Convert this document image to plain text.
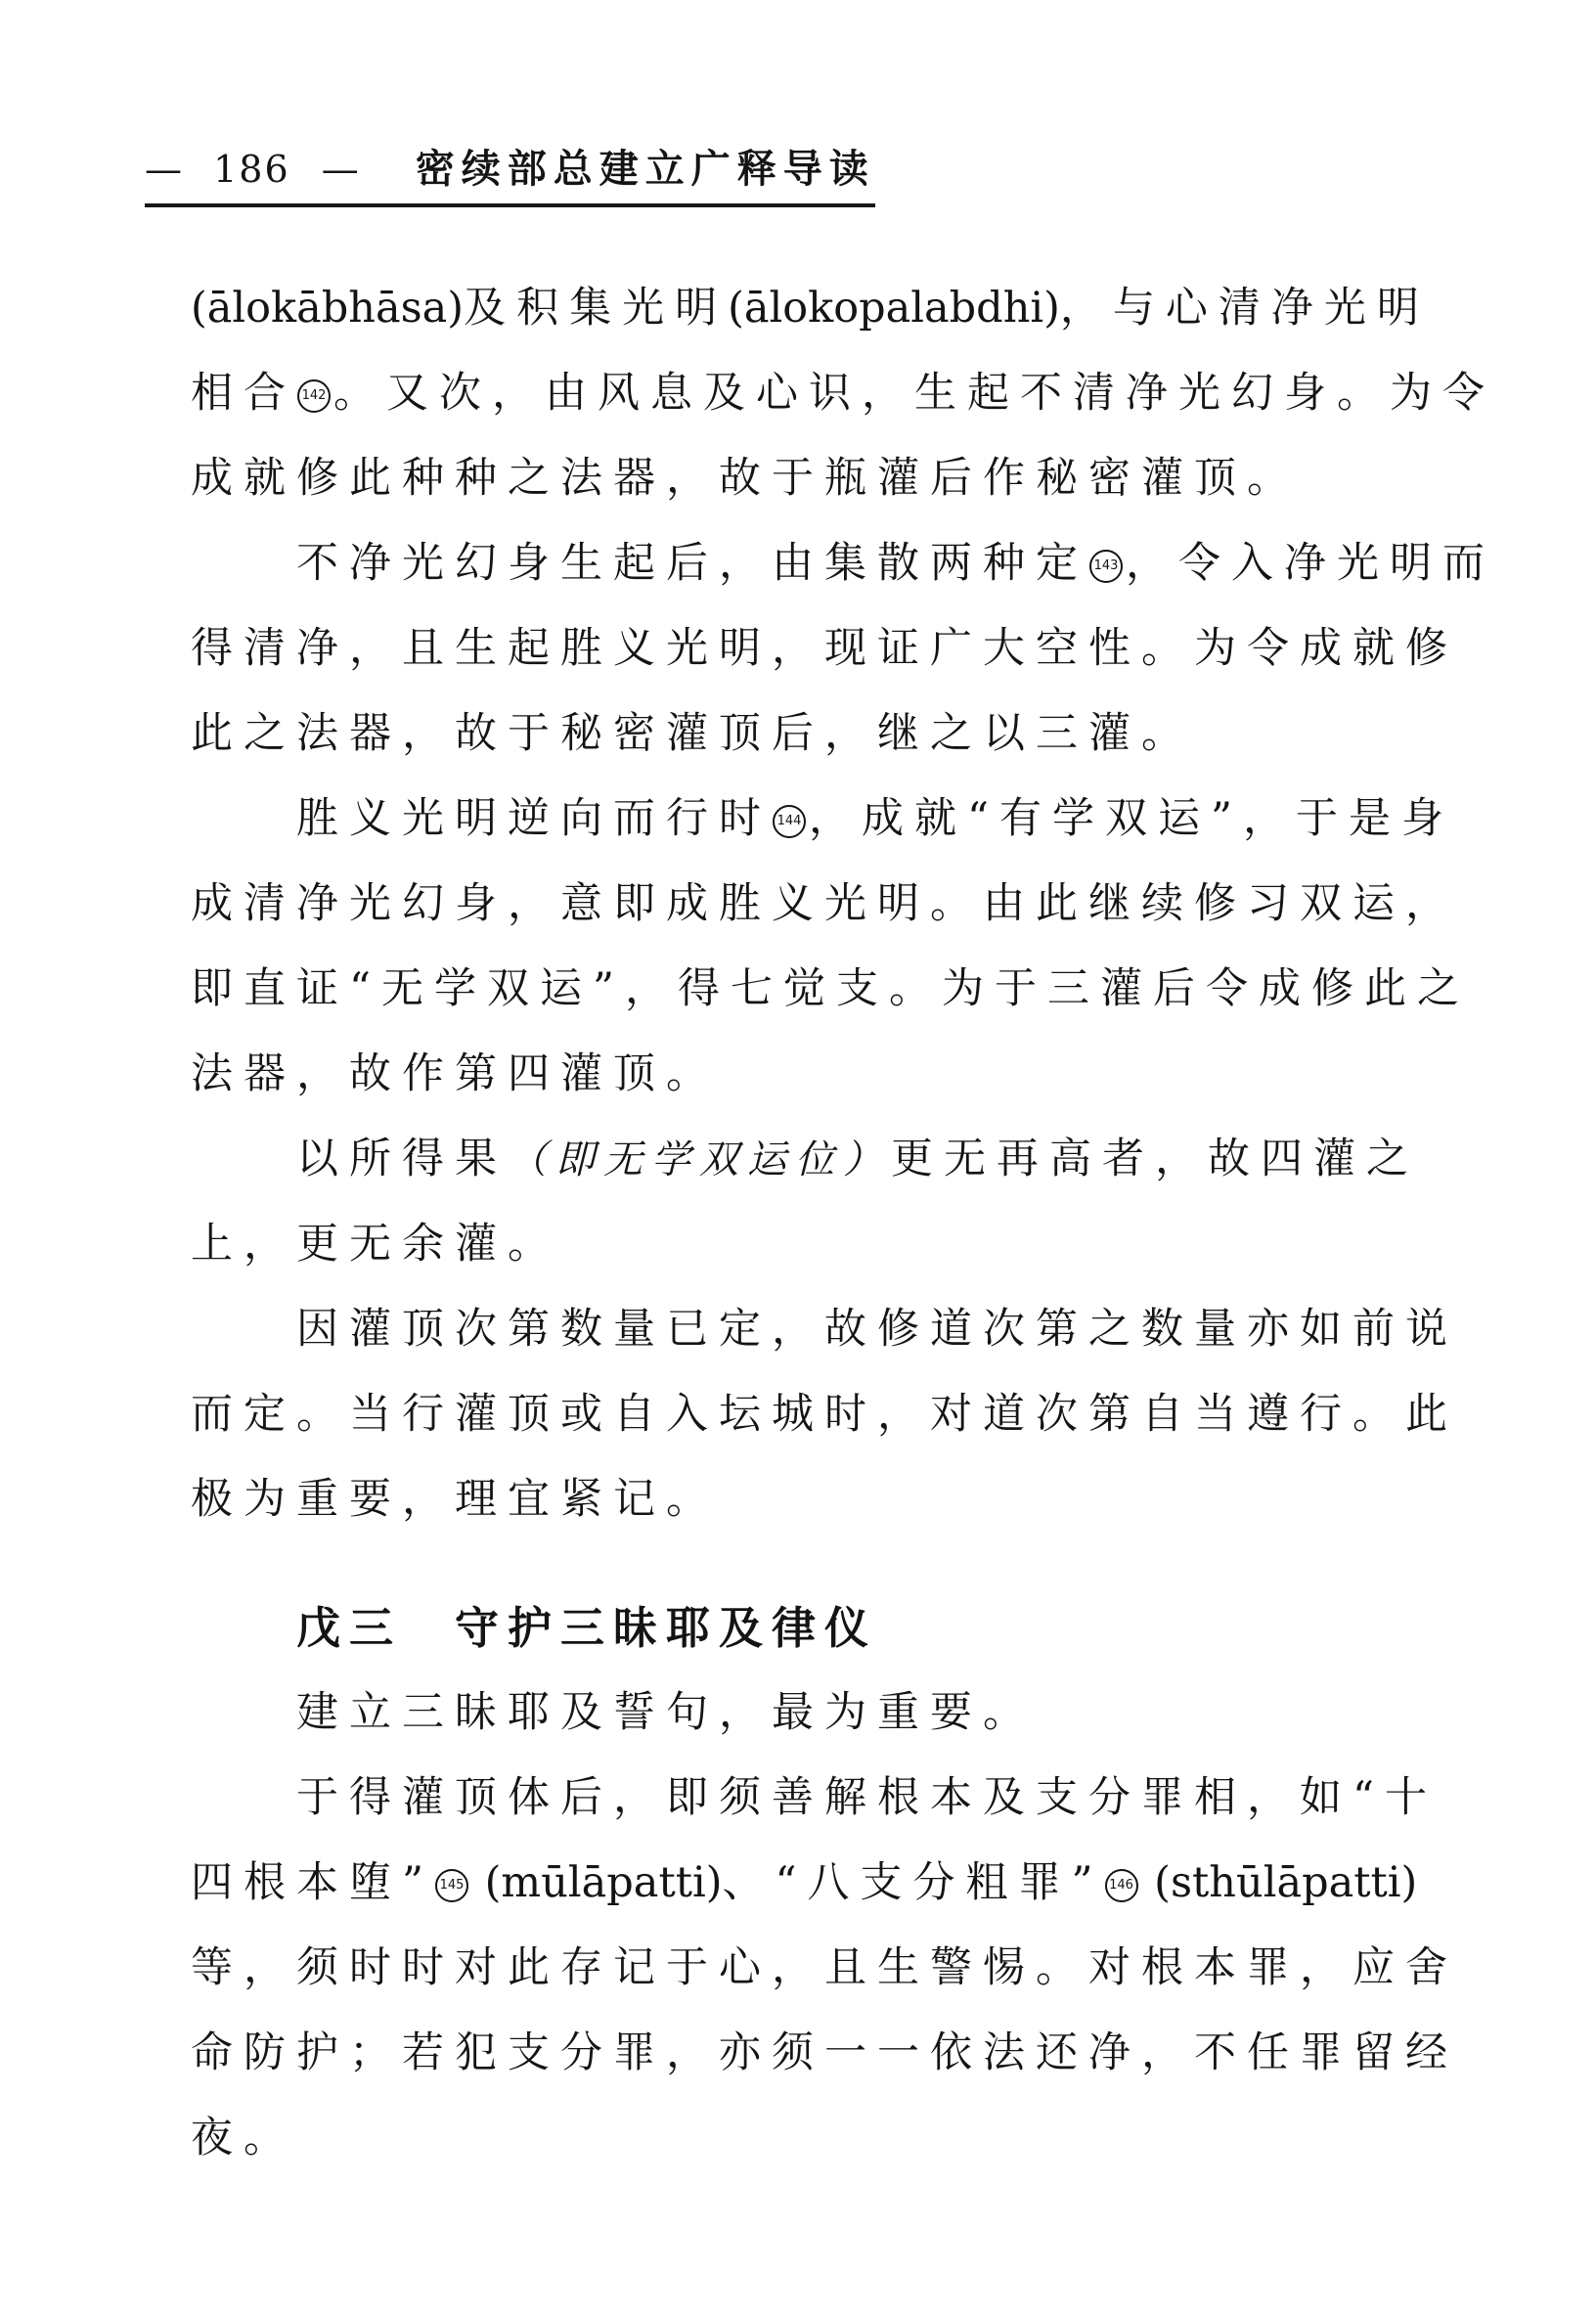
— 186 — 密续部总建立广释导读
(ālokābhāsa)及积集光明(ālokopalabdhi)，与心清净光明
相合 142 。又次，由风息及心识，生起不清净光幻身。为令
成就修此种种之法器，故于瓶灌后作秘密灌顶。
不净光幻身生起后，由集散两种定 143 ，令入净光明而
得清净，且生起胜义光明，现证广大空性。为令成就修
此之法器，故于秘密灌顶后，继之以三灌。
胜义光明逆向而行时 144 ，成就“有学双运”，于是身
成清净光幻身，意即成胜义光明。由此继续修习双运，
即直证“无学双运”，得七觉支。为于三灌后令成修此之
法器，故作第四灌顶。
以所得果（即无学双运位）更无再高者，故四灌之
上，更无余灌。
因灌顶次第数量已定，故修道次第之数量亦如前说
而定。当行灌顶或自入坛城时，对道次第自当遵行。此
极为重要，理宜紧记。
戊三　守护三昧耶及律仪
建立三昧耶及誓句，最为重要。
于得灌顶体后，即须善解根本及支分罪相，如“十
四根本堕” 145 (mūlāpatti)、“八支分粗罪” 146 (sthūlāpatti)
等，须时时对此存记于心，且生警惕。对根本罪，应舍
命防护；若犯支分罪，亦须一一依法还净，不任罪留经
夜。
